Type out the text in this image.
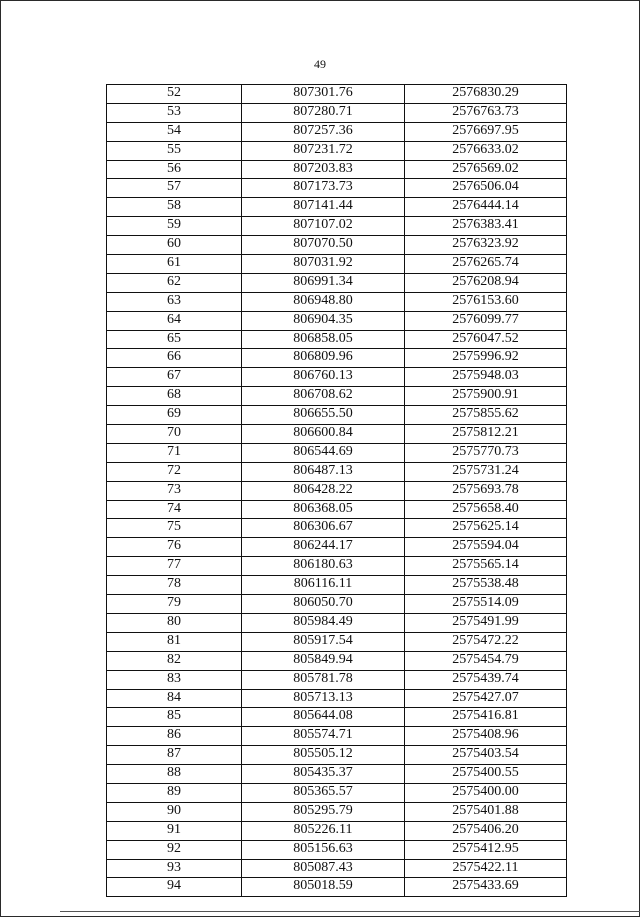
49
52	807301.76	2576830.29
53	807280.71	2576763.73
54	807257.36	2576697.95
55	807231.72	2576633.02
56	807203.83	2576569.02
57	807173.73	2576506.04
58	807141.44	2576444.14
59	807107.02	2576383.41
60	807070.50	2576323.92
61	807031.92	2576265.74
62	806991.34	2576208.94
63	806948.80	2576153.60
64	806904.35	2576099.77
65	806858.05	2576047.52
66	806809.96	2575996.92
67	806760.13	2575948.03
68	806708.62	2575900.91
69	806655.50	2575855.62
70	806600.84	2575812.21
71	806544.69	2575770.73
72	806487.13	2575731.24
73	806428.22	2575693.78
74	806368.05	2575658.40
75	806306.67	2575625.14
76	806244.17	2575594.04
77	806180.63	2575565.14
78	806116.11	2575538.48
79	806050.70	2575514.09
80	805984.49	2575491.99
81	805917.54	2575472.22
82	805849.94	2575454.79
83	805781.78	2575439.74
84	805713.13	2575427.07
85	805644.08	2575416.81
86	805574.71	2575408.96
87	805505.12	2575403.54
88	805435.37	2575400.55
89	805365.57	2575400.00
90	805295.79	2575401.88
91	805226.11	2575406.20
92	805156.63	2575412.95
93	805087.43	2575422.11
94	805018.59	2575433.69
